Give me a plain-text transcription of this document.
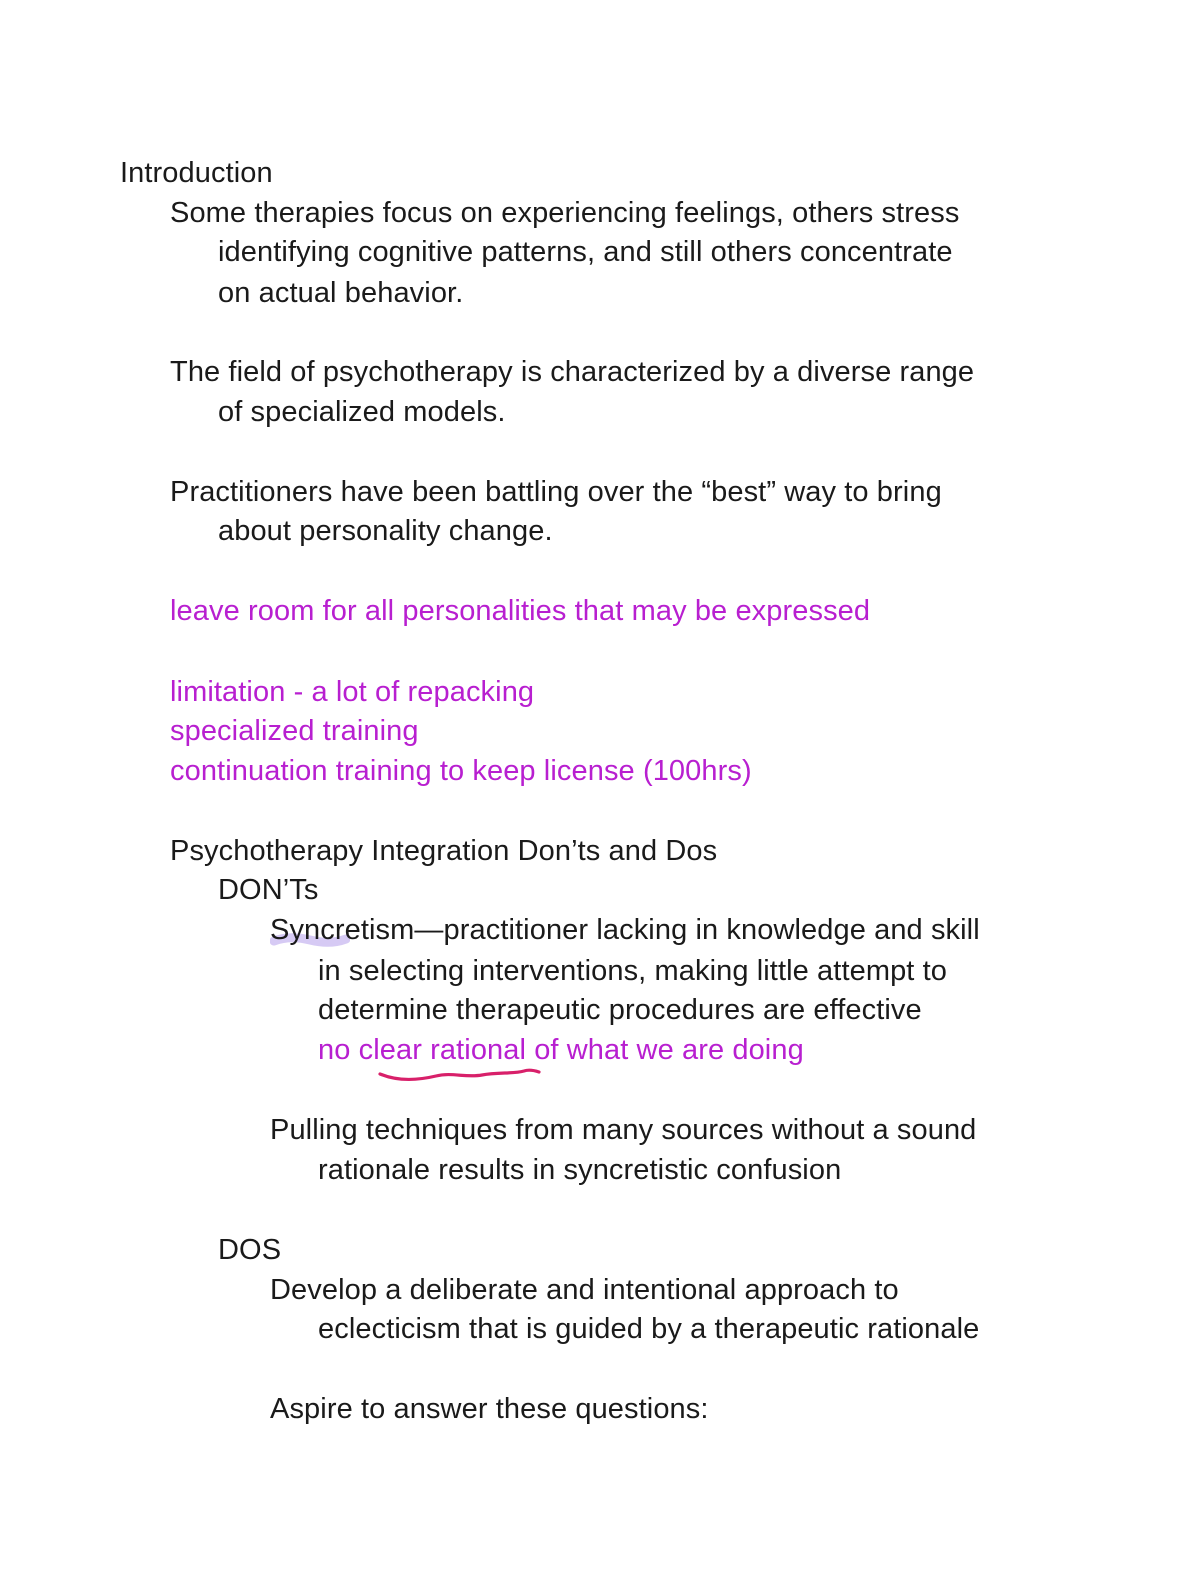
Introduction
Some therapies focus on experiencing feelings, others stress
identifying cognitive patterns, and still others concentrate
on actual behavior.
The field of psychotherapy is characterized by a diverse range
of specialized models.
Practitioners have been battling over the “best” way to bring
about personality change.
leave room for all personalities that may be expressed
limitation - a lot of repacking
specialized training
continuation training to keep license (100hrs)
Psychotherapy Integration Don’ts and Dos
DON’Ts
Syncretism—practitioner lacking in knowledge and skill
in selecting interventions, making little attempt to
determine therapeutic procedures are effective
no clear rational of what we are doing
Pulling techniques from many sources without a sound
rationale results in syncretistic confusion
DOS
Develop a deliberate and intentional approach to
eclecticism that is guided by a therapeutic rationale
Aspire to answer these questions:
